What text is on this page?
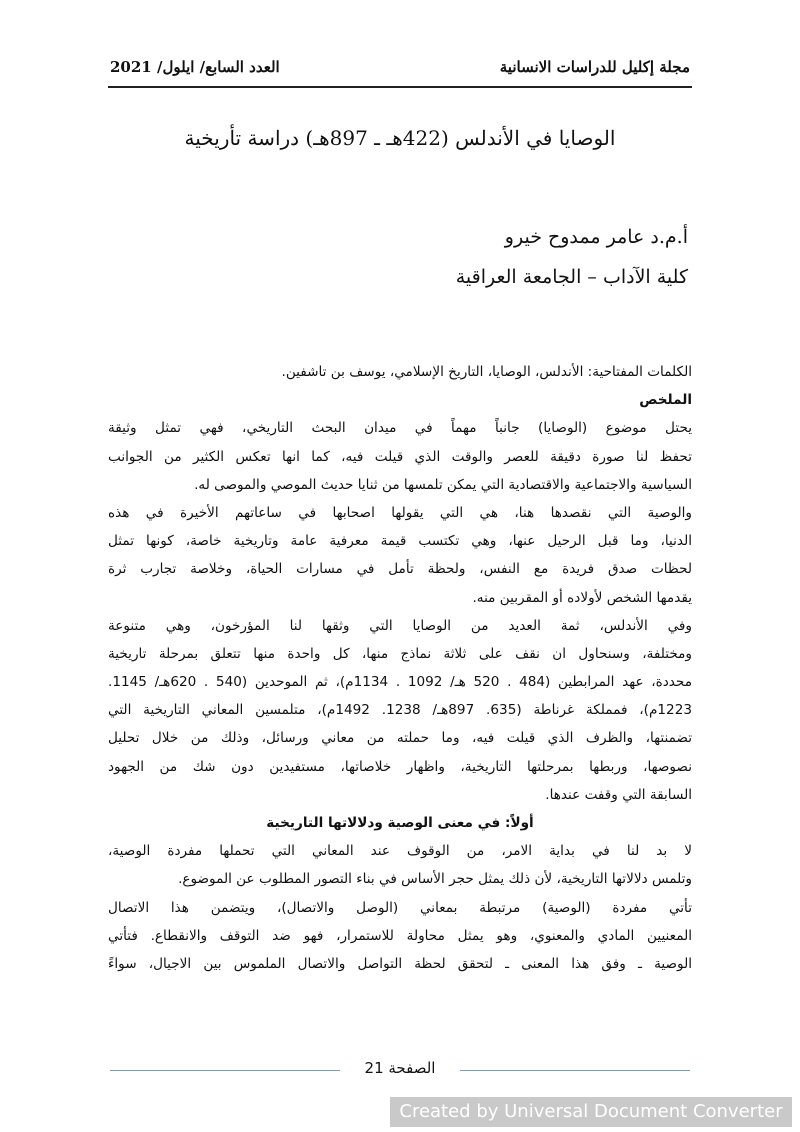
العدد السابع/ ايلول/ 2021	مجلة إكليل للدراسات الانسانية
الوصايا في الأندلس (422هـ ـ 897هـ) دراسة تأريخية
أ.م.د عامر ممدوح خيرو
كلية الآداب – الجامعة العراقية
الكلمات المفتاحية: الأندلس، الوصايا، التاريخ الإسلامي، يوسف بن تاشفين.
الملخص
يحتل موضوع (الوصايا) جانباً مهماً في ميدان البحث التاريخي، فهي تمثل وثيقة
تحفظ لنا صورة دقيقة للعصر والوقت الذي قيلت فيه، كما انها تعكس الكثير من الجوانب
السياسية والاجتماعية والاقتصادية التي يمكن تلمسها من ثنايا حديث الموصي والموصى له.
والوصية التي نقصدها هنا، هي التي يقولها اصحابها في ساعاتهم الأخيرة في هذه
الدنيا، وما قبل الرحيل عنها، وهي تكتسب قيمة معرفية عامة وتاريخية خاصة، كونها تمثل
لحظات صدق فريدة مع النفس، ولحظة تأمل في مسارات الحياة، وخلاصة تجارب ثرة
يقدمها الشخص لأولاده أو المقربين منه.
وفي الأندلس، ثمة العديد من الوصايا التي وثقها لنا المؤرخون، وهي متنوعة
ومختلفة، وسنحاول ان نقف على ثلاثة نماذج منها، كل واحدة منها تتعلق بمرحلة تاريخية
محددة، عهد المرابطين (484 . 520 هـ/ 1092 . 1134م)، ثم الموحدين (540 . 620هـ/ 1145.
1223م)، فمملكة غرناطة (635. 897هـ/ 1238. 1492م)، متلمسين المعاني التاريخية التي
تضمنتها، والظرف الذي قيلت فيه، وما حملته من معاني ورسائل، وذلك من خلال تحليل
نصوصها، وربطها بمرحلتها التاريخية، واظهار خلاصاتها، مستفيدين دون شك من الجهود
السابقة التي وقفت عندها.
أولاً: في معنى الوصية ودلالاتها التاريخية
لا بد لنا في بداية الامر، من الوقوف عند المعاني التي تحملها مفردة الوصية،
وتلمس دلالاتها التاريخية، لأن ذلك يمثل حجر الأساس في بناء التصور المطلوب عن الموضوع.
تأتي مفردة (الوصية) مرتبطة بمعاني (الوصل والاتصال)، ويتضمن هذا الاتصال
المعنيين المادي والمعنوي، وهو يمثل محاولة للاستمرار، فهو ضد التوقف والانقطاع. فتأتي
الوصية ـ وفق هذا المعنى ـ لتحقق لحظة التواصل والاتصال الملموس بين الاجيال، سواءً
الصفحة 21
Created by Universal Document Converter
